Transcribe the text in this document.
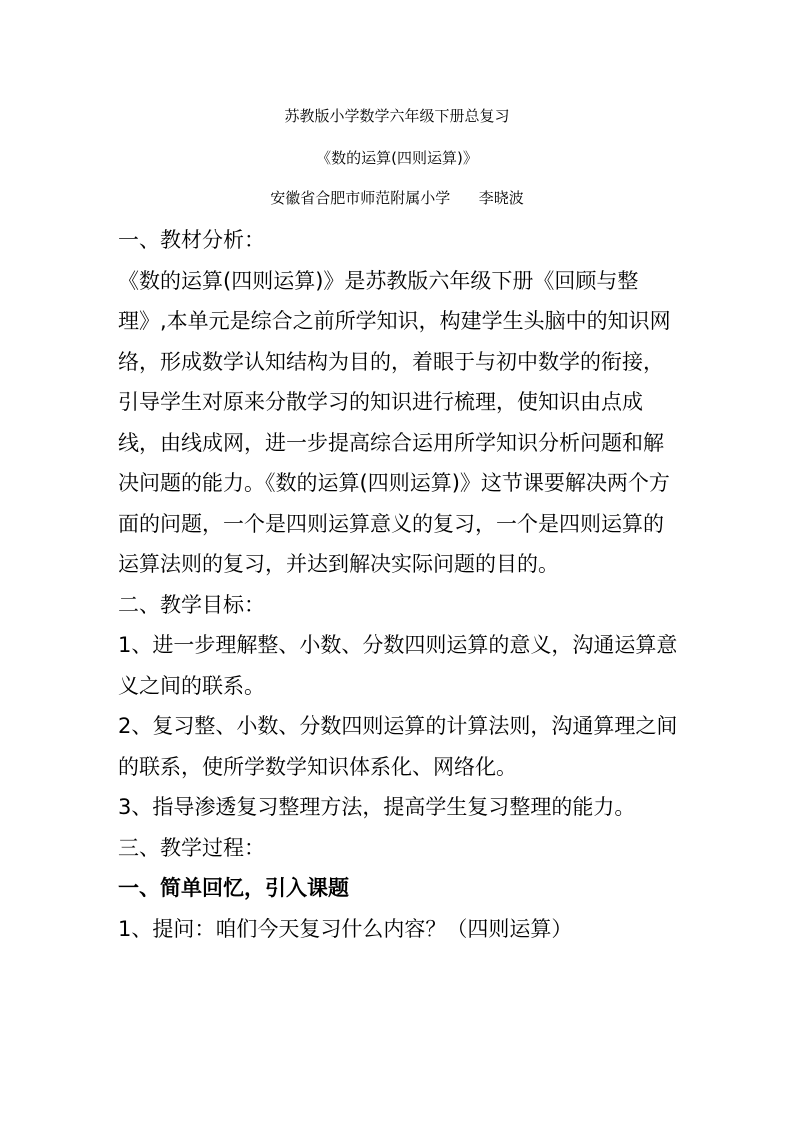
苏教版小学数学六年级下册总复习
《数的运算(四则运算)》
安徽省合肥市师范附属小学      李晓波

一、教材分析：

《数的运算(四则运算)》是苏教版六年级下册《回顾与整理》,本单元是综合之前所学知识，构建学生头脑中的知识网络，形成数学认知结构为目的，着眼于与初中数学的衔接，引导学生对原来分散学习的知识进行梳理，使知识由点成线，由线成网，进一步提高综合运用所学知识分析问题和解决问题的能力。《数的运算(四则运算)》这节课要解决两个方面的问题，一个是四则运算意义的复习，一个是四则运算的运算法则的复习，并达到解决实际问题的目的。

二、教学目标：

1、进一步理解整、小数、分数四则运算的意义，沟通运算意义之间的联系。

2、复习整、小数、分数四则运算的计算法则，沟通算理之间的联系，使所学数学知识体系化、网络化。

3、指导渗透复习整理方法，提高学生复习整理的能力。

三、教学过程：

一、简单回忆，引入课题

1、提问：咱们今天复习什么内容？（四则运算）
